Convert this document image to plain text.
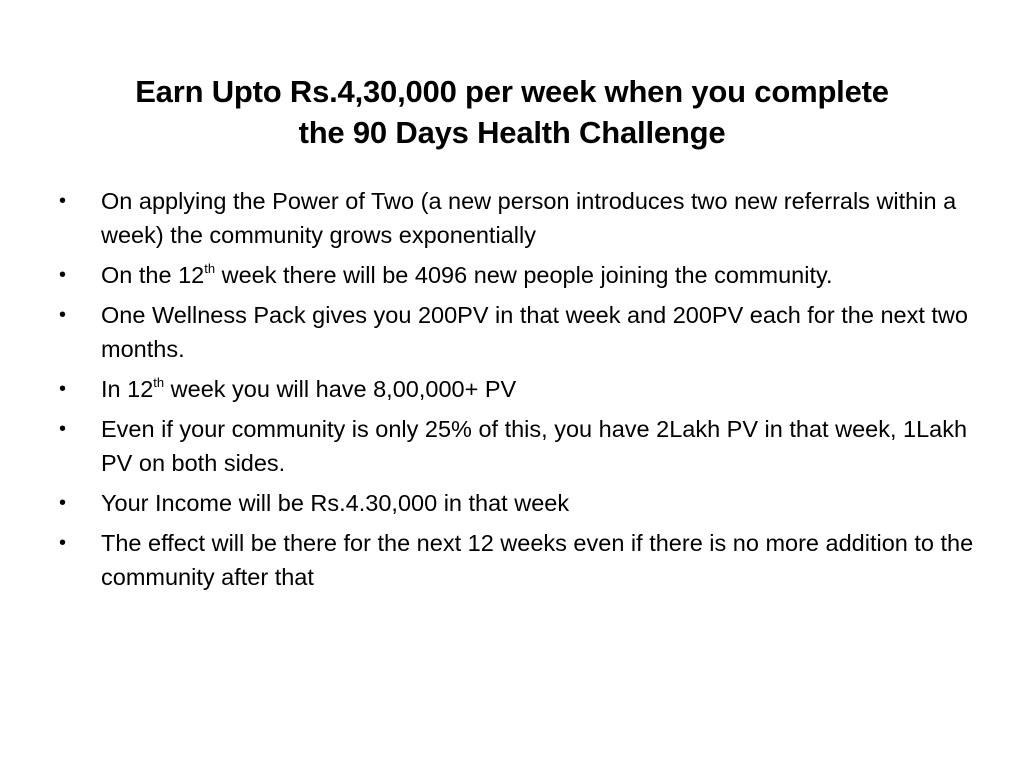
Earn Upto Rs.4,30,000 per week when you complete
the 90 Days Health Challenge
• On applying the Power of Two (a new person introduces two new referrals within a week) the community grows exponentially
• On the 12th week there will be 4096 new people joining the community.
• One Wellness Pack gives you 200PV in that week and 200PV each for the next two months.
• In 12th week you will have 8,00,000+ PV
• Even if your community is only 25% of this, you have 2Lakh PV in that week, 1Lakh PV on both sides.
• Your Income will be Rs.4.30,000 in that week
• The effect will be there for the next 12 weeks even if there is no more addition to the community after that
